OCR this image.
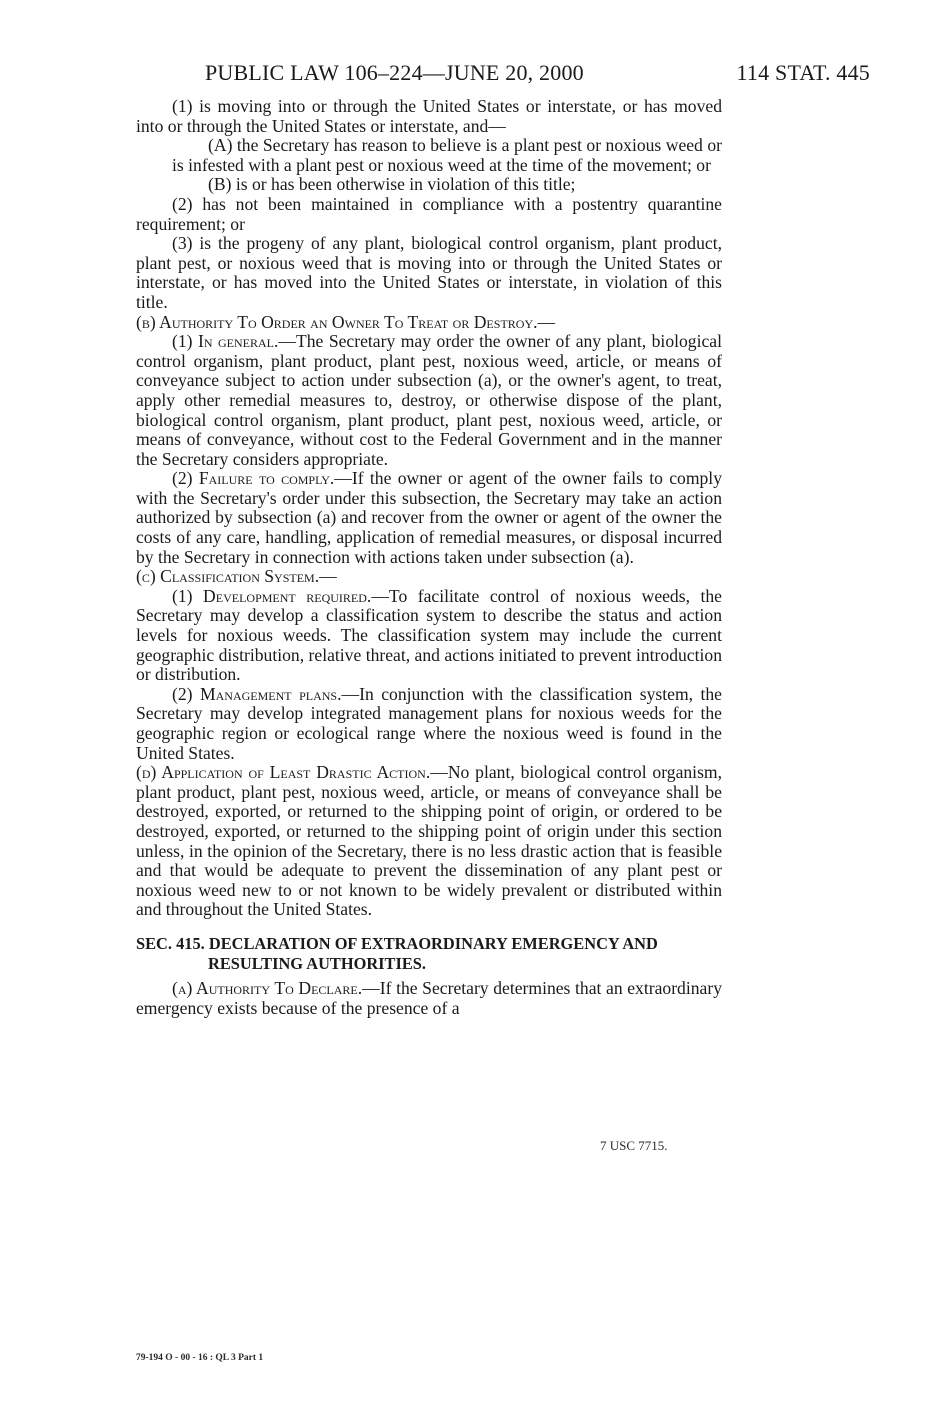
PUBLIC LAW 106–224—JUNE 20, 2000	114 STAT. 445

(1) is moving into or through the United States or interstate, or has moved into or through the United States or interstate, and—

(A) the Secretary has reason to believe is a plant pest or noxious weed or is infested with a plant pest or noxious weed at the time of the movement; or

(B) is or has been otherwise in violation of this title;

(2) has not been maintained in compliance with a postentry quarantine requirement; or

(3) is the progeny of any plant, biological control organism, plant product, plant pest, or noxious weed that is moving into or through the United States or interstate, or has moved into the United States or interstate, in violation of this title.

(b) Authority To Order an Owner To Treat or Destroy.—

(1) In general.—The Secretary may order the owner of any plant, biological control organism, plant product, plant pest, noxious weed, article, or means of conveyance subject to action under subsection (a), or the owner's agent, to treat, apply other remedial measures to, destroy, or otherwise dispose of the plant, biological control organism, plant product, plant pest, noxious weed, article, or means of conveyance, without cost to the Federal Government and in the manner the Secretary considers appropriate.

(2) Failure to comply.—If the owner or agent of the owner fails to comply with the Secretary's order under this subsection, the Secretary may take an action authorized by subsection (a) and recover from the owner or agent of the owner the costs of any care, handling, application of remedial measures, or disposal incurred by the Secretary in connection with actions taken under subsection (a).

(c) Classification System.—

(1) Development required.—To facilitate control of noxious weeds, the Secretary may develop a classification system to describe the status and action levels for noxious weeds. The classification system may include the current geographic distribution, relative threat, and actions initiated to prevent introduction or distribution.

(2) Management plans.—In conjunction with the classification system, the Secretary may develop integrated management plans for noxious weeds for the geographic region or ecological range where the noxious weed is found in the United States.

(d) Application of Least Drastic Action.—No plant, biological control organism, plant product, plant pest, noxious weed, article, or means of conveyance shall be destroyed, exported, or returned to the shipping point of origin, or ordered to be destroyed, exported, or returned to the shipping point of origin under this section unless, in the opinion of the Secretary, there is no less drastic action that is feasible and that would be adequate to prevent the dissemination of any plant pest or noxious weed new to or not known to be widely prevalent or distributed within and throughout the United States.

SEC. 415. DECLARATION OF EXTRAORDINARY EMERGENCY AND RESULTING AUTHORITIES.

(a) Authority To Declare.—If the Secretary determines that an extraordinary emergency exists because of the presence of a

7 USC 7715.
79-194 O - 00 - 16 : QL 3 Part 1
